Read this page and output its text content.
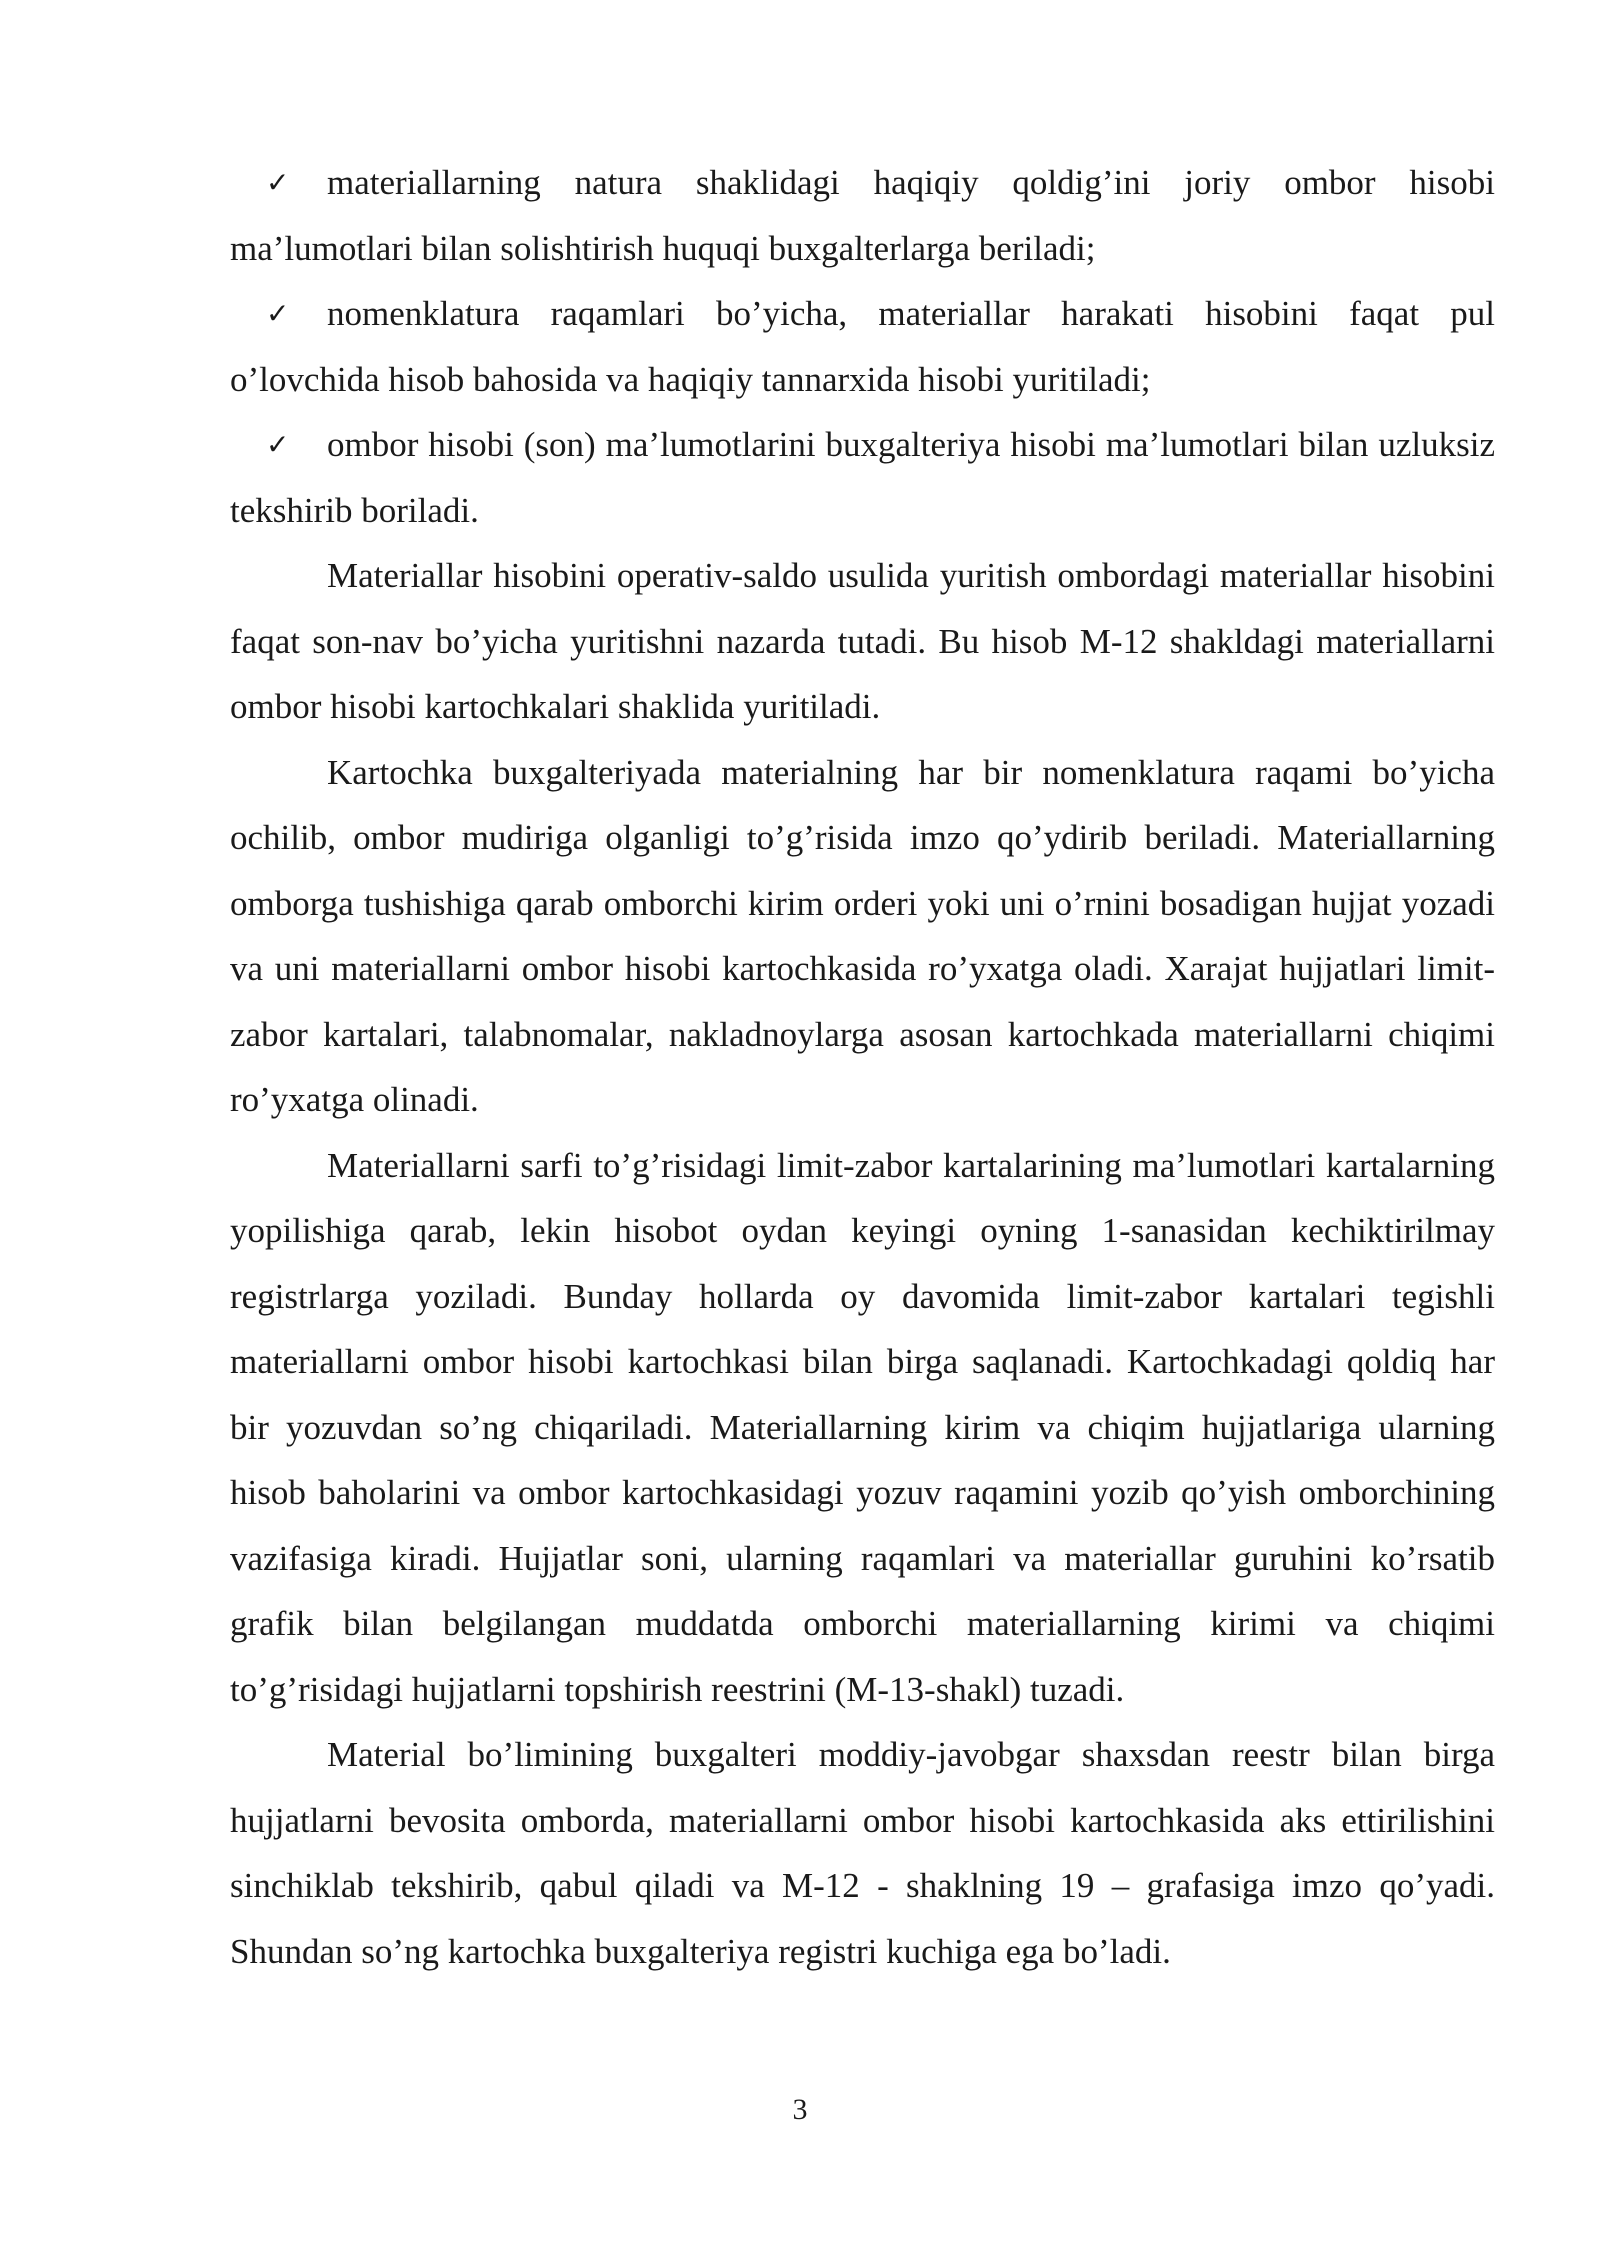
✓ materiallarning natura shaklidagi haqiqiy qoldig’ini joriy ombor hisobi ma’lumotlari bilan solishtirish huquqi buxgalterlarga beriladi;

✓ nomenklatura raqamlari bo’yicha, materiallar harakati hisobini faqat pul o’lovchida hisob bahosida va haqiqiy tannarxida hisobi yuritiladi;

✓ ombor hisobi (son) ma’lumotlarini buxgalteriya hisobi ma’lumotlari bilan uzluksiz tekshirib boriladi.

Materiallar hisobini operativ-saldo usulida yuritish ombordagi materiallar hisobini faqat son-nav bo’yicha yuritishni nazarda tutadi. Bu hisob M-12 shakldagi materiallarni ombor hisobi kartochkalari shaklida yuritiladi.

Kartochka buxgalteriyada materialning har bir nomenklatura raqami bo’yicha ochilib, ombor mudiriga olganligi to’g’risida imzo qo’ydirib beriladi. Materiallarning omborga tushishiga qarab omborchi kirim orderi yoki uni o’rnini bosadigan hujjat yozadi va uni materiallarni ombor hisobi kartochkasida ro’yxatga oladi. Xarajat hujjatlari limit-zabor kartalari, talabnomalar, nakladnoylarga asosan kartochkada materiallarni chiqimi ro’yxatga olinadi.

Materiallarni sarfi to’g’risidagi limit-zabor kartalarining ma’lumotlari kartalarning yopilishiga qarab, lekin hisobot oydan keyingi oyning 1-sanasidan kechiktirilmay registrlarga yoziladi. Bunday hollarda oy davomida limit-zabor kartalari tegishli materiallarni ombor hisobi kartochkasi bilan birga saqlanadi. Kartochkadagi qoldiq har bir yozuvdan so’ng chiqariladi. Materiallarning kirim va chiqim hujjatlariga ularning hisob baholarini va ombor kartochkasidagi yozuv raqamini yozib qo’yish omborchining vazifasiga kiradi. Hujjatlar soni, ularning raqamlari va materiallar guruhini ko’rsatib grafik bilan belgilangan muddatda omborchi materiallarning kirimi va chiqimi to’g’risidagi hujjatlarni topshirish reestrini (M-13-shakl) tuzadi.

Material bo’limining buxgalteri moddiy-javobgar shaxsdan reestr bilan birga hujjatlarni bevosita omborda, materiallarni ombor hisobi kartochkasida aks ettirilishini sinchiklab tekshirib, qabul qiladi va M-12 - shaklning 19 – grafasiga imzo qo’yadi. Shundan so’ng kartochka buxgalteriya registri kuchiga ega bo’ladi.

3
